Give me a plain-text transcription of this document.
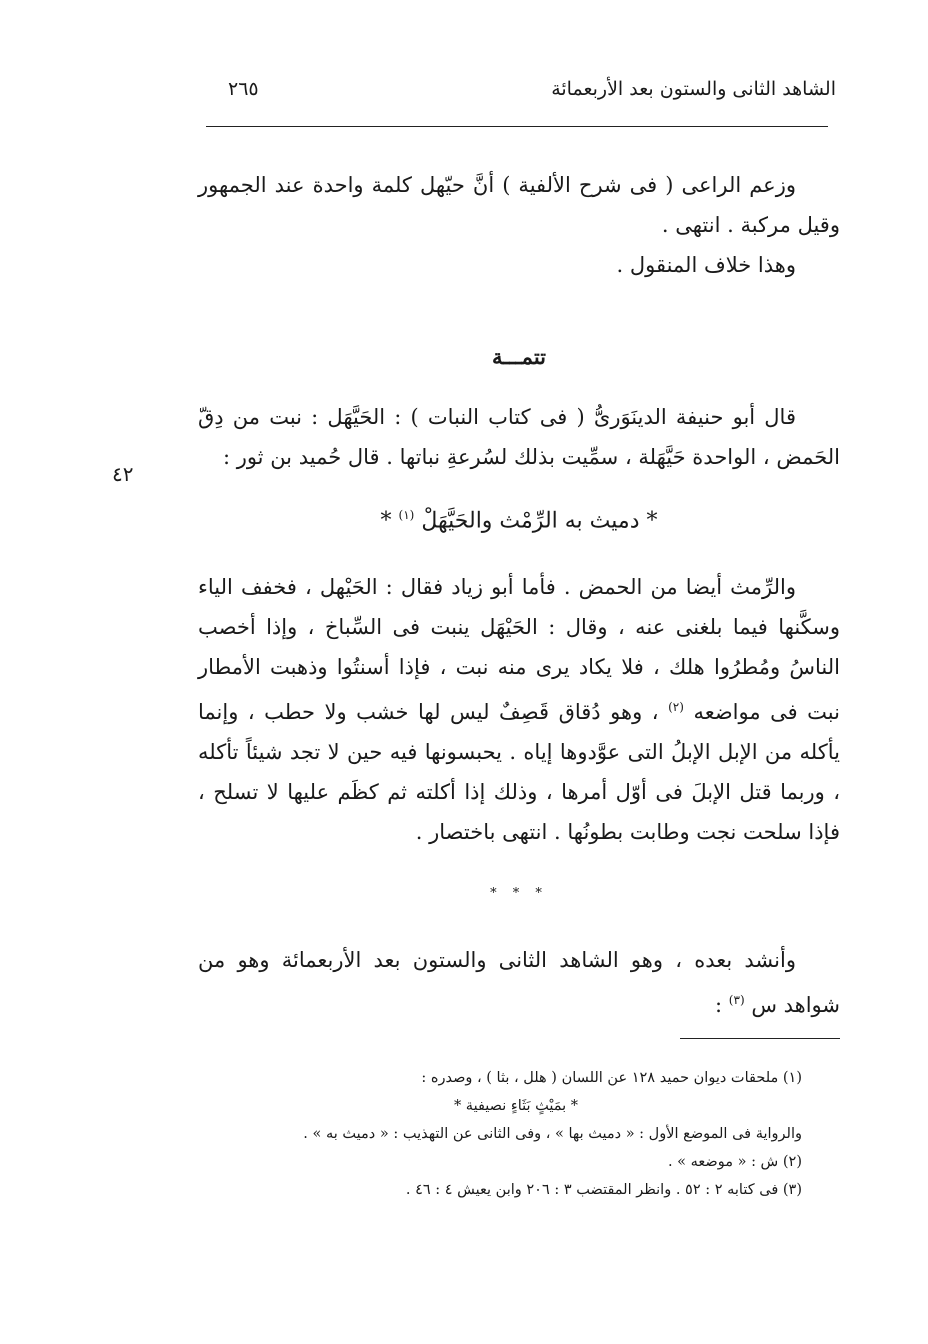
الشاهد الثانى والستون بعد الأربعمائة
٢٦٥
٤٢

وزعم الراعى ( فى شرح الألفية ) أنَّ حيّهل كلمة واحدة عند الجمهور وقيل مركبة . انتهى .

وهذا خلاف المنقول .

تتمـــة

قال أبو حنيفة الدينَوَرىُّ ( فى كتاب النبات ) : الحَيَّهَل : نبت من دِقّ الحَمض ، الواحدة حَيَّهَلة ، سمِّيت بذلك لسُرعةِ نباتها . قال حُميد بن ثور :

* دميث به الرِّمْث والحَيَّهَلْ $^{(١)}$ *

والرِّمث أيضا من الحمض . فأما أبو زياد فقال : الحَيْهل ، فخفف الياء وسكَّنها فيما بلغنى عنه ، وقال : الحَيْهَل ينبت فى السِّباخ ، وإذا أخصب الناسُ ومُطرُوا هلك ، فلا يكاد يرى منه نبت ، فإذا أسنتُوا وذهبت الأمطار نبت فى مواضعه $^{(٢)}$ ، وهو دُقاق قَصِفٌ ليس لها خشب ولا حطب ، وإنما يأكله من الإبل الإبلُ التى عوَّدوها إياه . يحبسونها فيه حين لا تجد شيئاً تأكله ، وربما قتل الإبلَ فى أوّل أمرها ، وذلك إذا أكلته ثم كظَم عليها لا تسلح ، فإذا سلحت نجت وطابت بطونُها . انتهى باختصار .

* * *

وأنشد بعده ، وهو الشاهد الثانى والستون بعد الأربعمائة وهو من شواهد س $^{(٣)}$ :

(١) ملحقات ديوان حميد ١٢٨ عن اللسان ( هلل ، بثا ) ، وصدره :

* بمَيْثٍ بَثَاءٍ نصيفية *

والرواية فى الموضع الأول : « دميث بها » ، وفى الثانى عن التهذيب : « دميث به » .

(٢) ش : « موضعه » .

(٣) فى كتابه ٢ : ٥٢ . وانظر المقتضب ٣ : ٢٠٦ وابن يعيش ٤ : ٤٦ .
